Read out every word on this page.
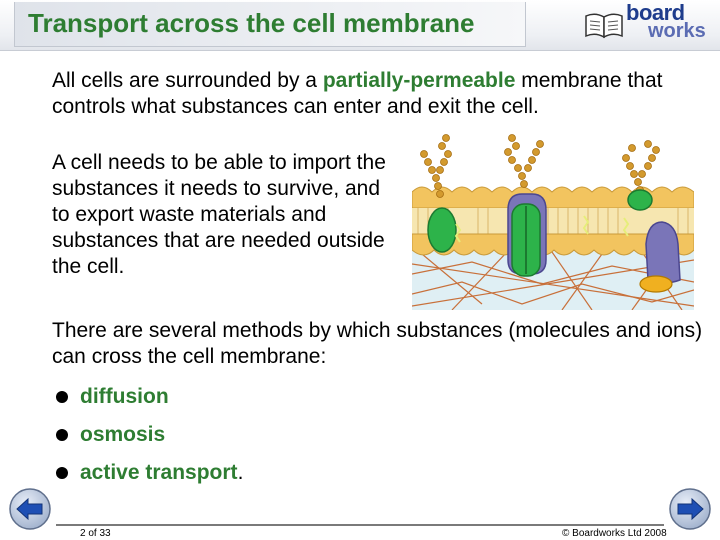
Transport across the cell membrane	board
works
All cells are surrounded by a partially-permeable membrane that controls what substances can enter and exit the cell.
A cell needs to be able to import the substances it needs to survive, and to export waste materials and substances that are needed outside the cell.
There are several methods by which substances (molecules and ions) can cross the cell membrane:
diffusion
osmosis
active transport.
2 of 33	© Boardworks Ltd 2008
